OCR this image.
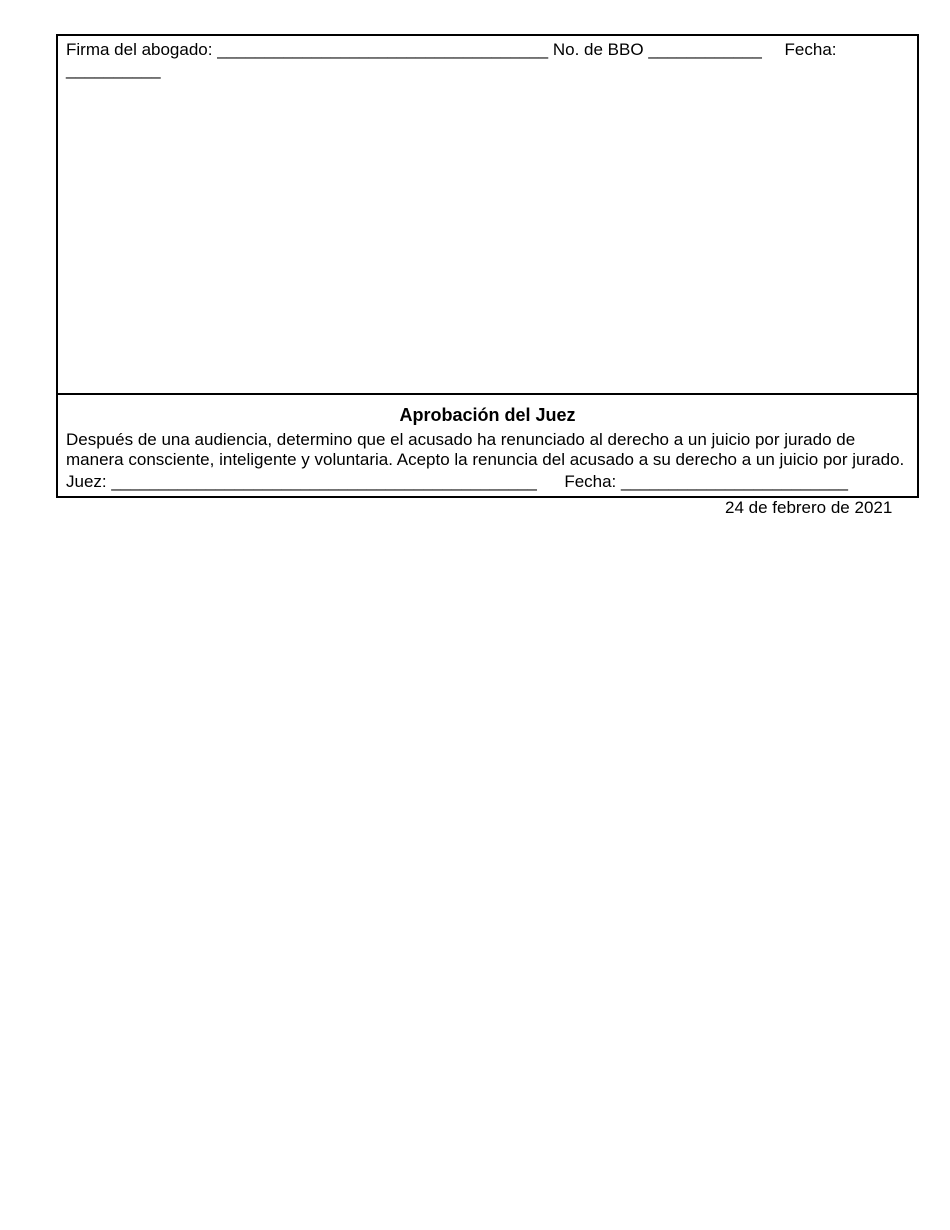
Firma del abogado: ___________________________________ No. de BBO ____________ Fecha:
__________
Aprobación del Juez
Después de una audiencia, determino que el acusado ha renunciado al derecho a un juicio por jurado de manera consciente, inteligente y voluntaria. Acepto la renuncia del acusado a su derecho a un juicio por jurado.
Juez: _____________________________________________ Fecha: ________________________
24 de febrero de 2021
